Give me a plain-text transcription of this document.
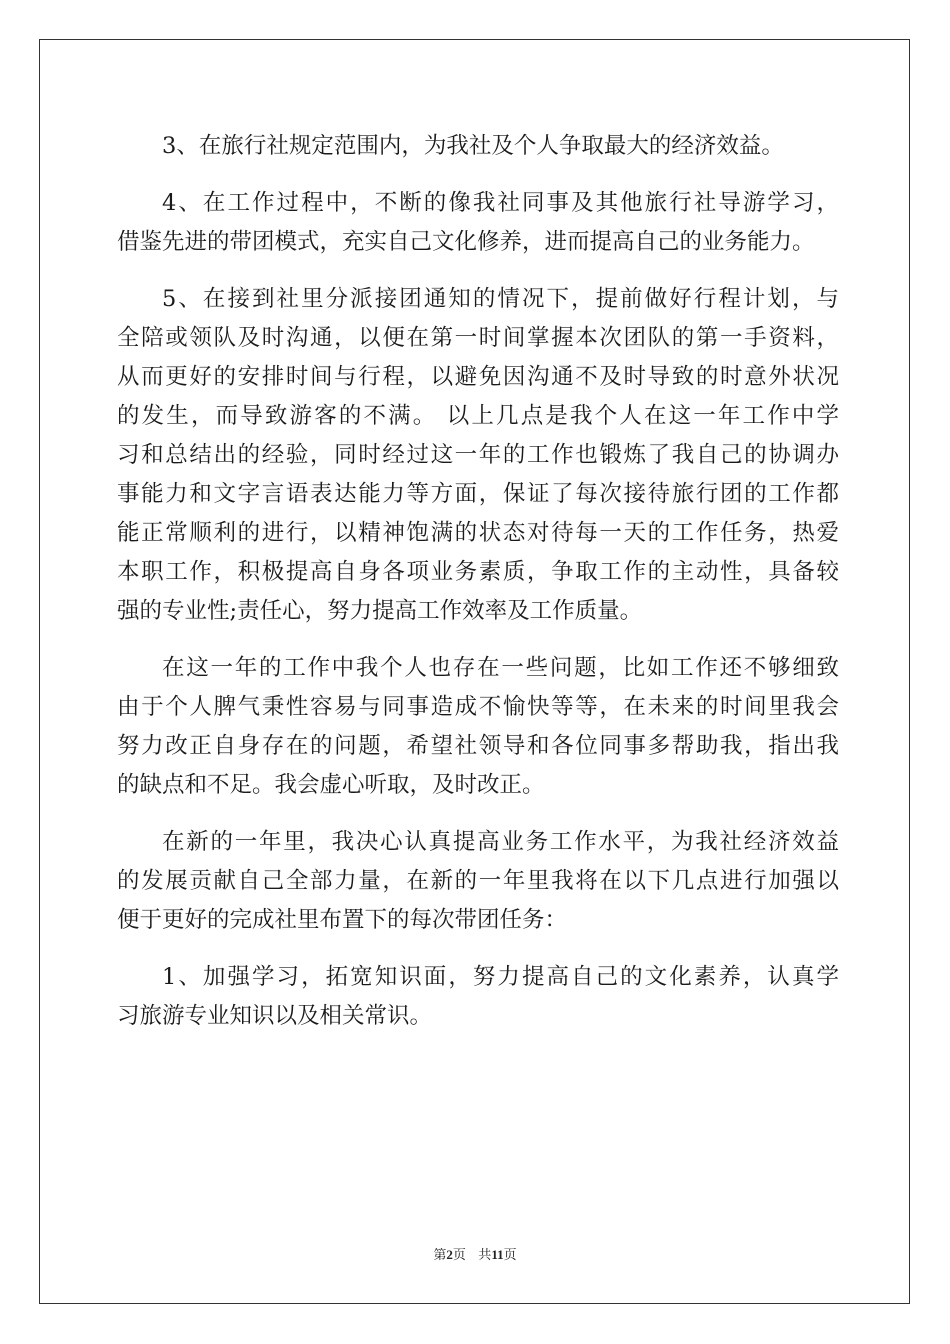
3、在旅行社规定范围内，为我社及个人争取最大的经济效益。
4、在工作过程中，不断的像我社同事及其他旅行社导游学习，
借鉴先进的带团模式，充实自己文化修养，进而提高自己的业务能力。
5、在接到社里分派接团通知的情况下，提前做好行程计划，与
全陪或领队及时沟通，以便在第一时间掌握本次团队的第一手资料，
从而更好的安排时间与行程，以避免因沟通不及时导致的时意外状况
的发生，而导致游客的不满。 以上几点是我个人在这一年工作中学
习和总结出的经验，同时经过这一年的工作也锻炼了我自己的协调办
事能力和文字言语表达能力等方面，保证了每次接待旅行团的工作都
能正常顺利的进行，以精神饱满的状态对待每一天的工作任务，热爱
本职工作，积极提高自身各项业务素质，争取工作的主动性，具备较
强的专业性;责任心，努力提高工作效率及工作质量。
在这一年的工作中我个人也存在一些问题，比如工作还不够细致
由于个人脾气秉性容易与同事造成不愉快等等，在未来的时间里我会
努力改正自身存在的问题，希望社领导和各位同事多帮助我，指出我
的缺点和不足。我会虚心听取，及时改正。
在新的一年里，我决心认真提高业务工作水平，为我社经济效益
的发展贡献自己全部力量，在新的一年里我将在以下几点进行加强以
便于更好的完成社里布置下的每次带团任务：
1、加强学习，拓宽知识面，努力提高自己的文化素养，认真学
习旅游专业知识以及相关常识。
第2页 共11页
